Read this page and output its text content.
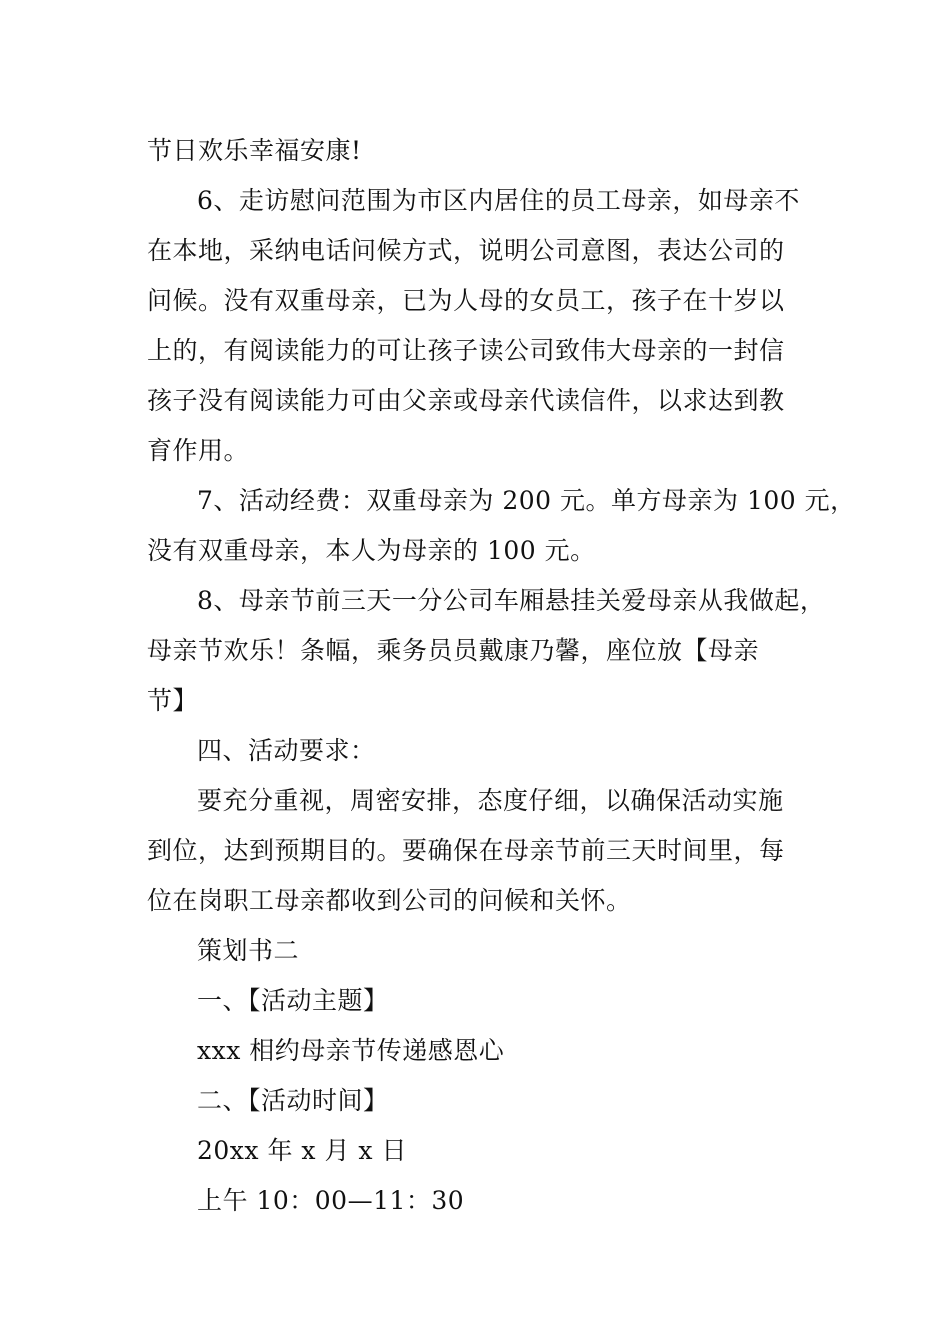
节日欢乐幸福安康!
6、走访慰问范围为市区内居住的员工母亲，如母亲不
在本地，采纳电话问候方式，说明公司意图，表达公司的
问候。没有双重母亲，已为人母的女员工，孩子在十岁以
上的，有阅读能力的可让孩子读公司致伟大母亲的一封信
孩子没有阅读能力可由父亲或母亲代读信件，以求达到教
育作用。
7、活动经费：双重母亲为 200 元。单方母亲为 100 元，
没有双重母亲，本人为母亲的 100 元。
8、母亲节前三天一分公司车厢悬挂关爱母亲从我做起，
母亲节欢乐！条幅，乘务员员戴康乃馨，座位放【母亲
节】
四、活动要求：
要充分重视，周密安排，态度仔细，以确保活动实施
到位，达到预期目的。要确保在母亲节前三天时间里，每
位在岗职工母亲都收到公司的问候和关怀。
策划书二
一、【活动主题】
xxx 相约母亲节传递感恩心
二、【活动时间】
20xx 年 x 月 x 日
上午 10：00—11：30
